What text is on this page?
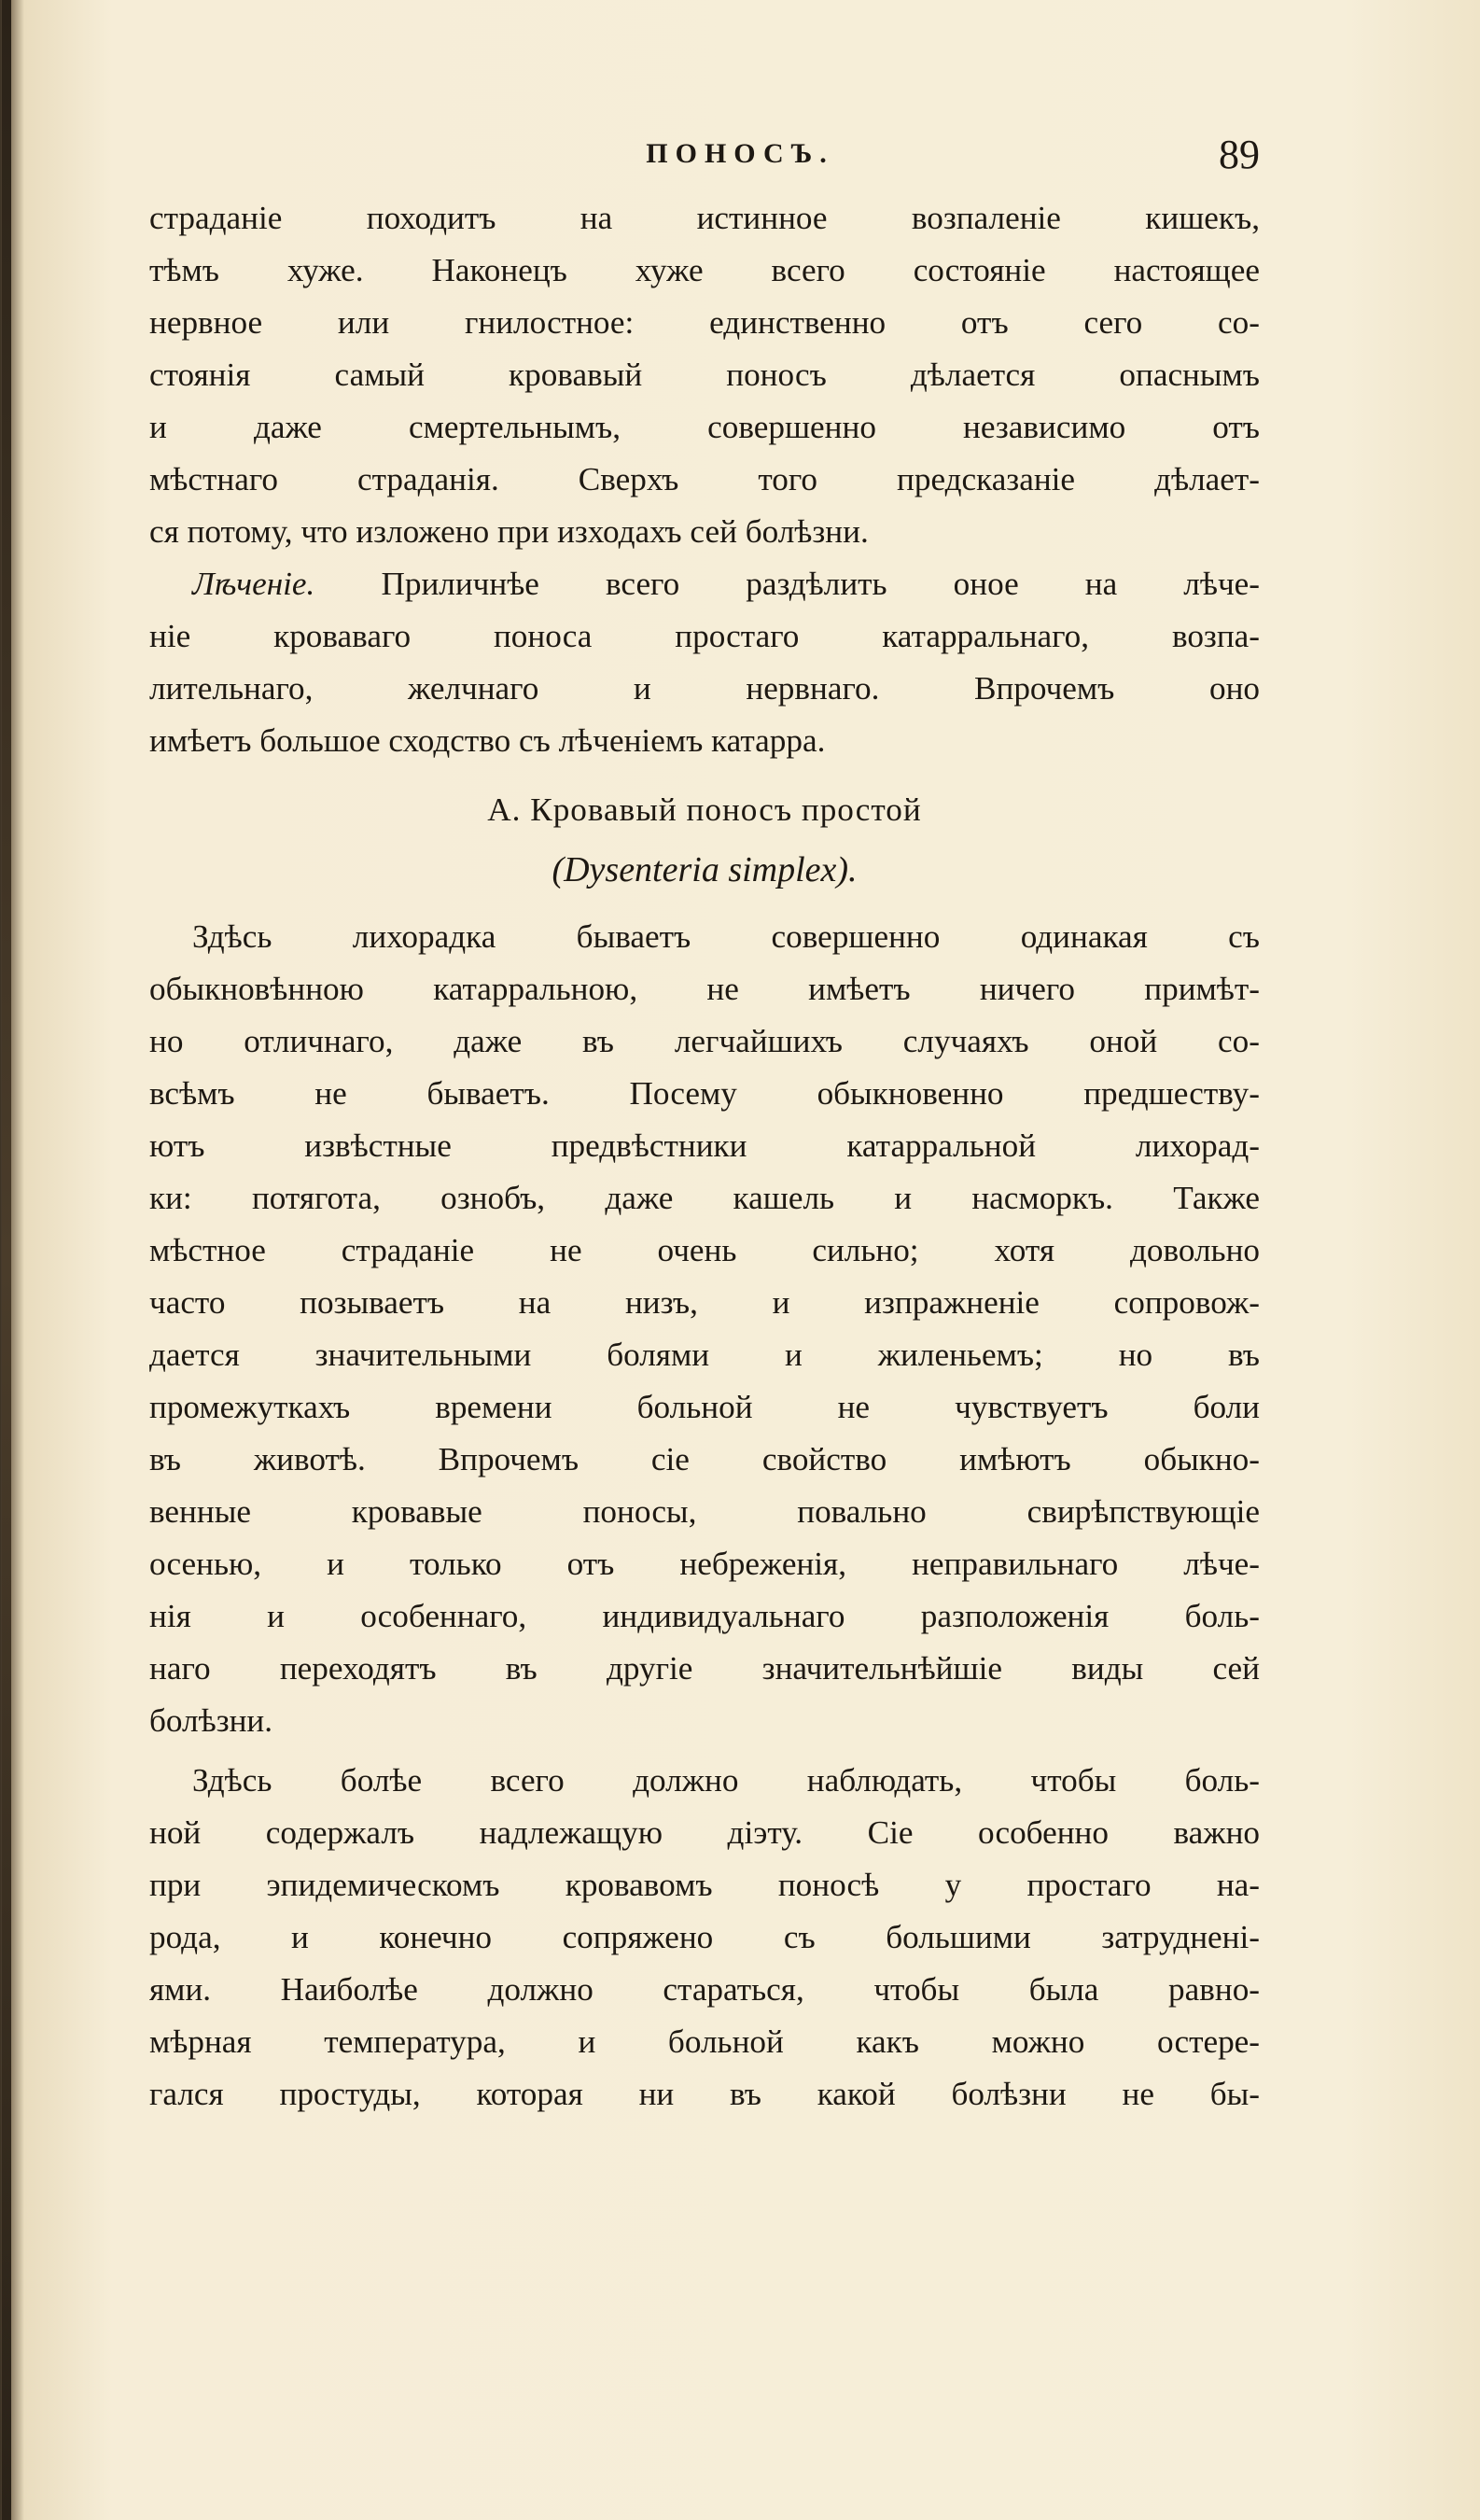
ПОНОСЪ.	89

страданіе походитъ на истинное возпаленіе кишекъ,
тѣмъ хуже. Наконецъ хуже всего состояніе настоящее
нервное или гнилостное: единственно отъ сего со-
стоянія самый кровавый поносъ дѣлается опаснымъ
и даже смертельнымъ, совершенно независимо отъ
мѣстнаго страданія. Сверхъ того предсказаніе дѣлает-
ся потому, что изложено при изходахъ сей болѣзни.

Лѣченіе. Приличнѣе всего раздѣлить оное на лѣче-
ніе кроваваго поноса простаго катарральнаго, возпа-
лительнаго, желчнаго и нервнаго. Впрочемъ оно
имѣетъ большое сходство съ лѣченіемъ катарра.

А. Кровавый поносъ простой
(Dysenteria simplex).

Здѣсь лихорадка бываетъ совершенно одинакая съ
обыкновѣнною катарральною, не имѣетъ ничего примѣт-
но отличнаго, даже въ легчайшихъ случаяхъ оной со-
всѣмъ не бываетъ. Посему обыкновенно предшеству-
ютъ извѣстные предвѣстники катарральной лихорад-
ки: потягота, ознобъ, даже кашель и насморкъ. Также
мѣстное страданіе не очень сильно; хотя довольно
часто позываетъ на низъ, и изпражненіе сопровож-
дается значительными болями и жиленьемъ; но въ
промежуткахъ времени больной не чувствуетъ боли
въ животѣ. Впрочемъ сіе свойство имѣютъ обыкно-
венные кровавые поносы, повально свирѣпствующіе
осенью, и только отъ небреженія, неправильнаго лѣче-
нія и особеннаго, индивидуальнаго разположенія боль-
наго переходятъ въ другіе значительнѣйшіе виды сей
болѣзни.

Здѣсь болѣе всего должно наблюдать, чтобы боль-
ной содержалъ надлежащую діэту. Сіе особенно важно
при эпидемическомъ кровавомъ поносѣ у простаго на-
рода, и конечно сопряжено съ большими затрудненi-
ями. Наиболѣе должно стараться, чтобы была равно-
мѣрная температура, и больной какъ можно остере-
гался простуды, которая ни въ какой болѣзни не бы-
